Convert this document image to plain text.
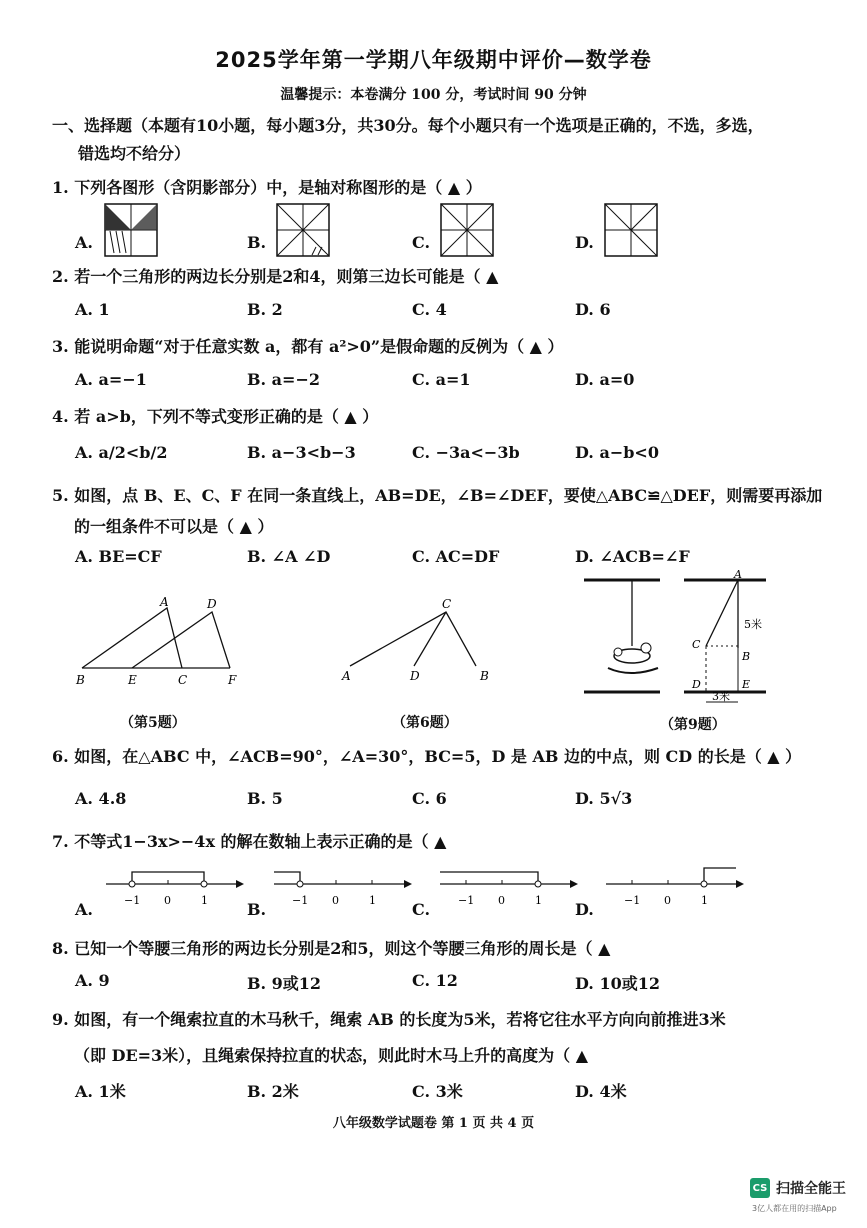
2025学年第一学期八年级期中评价—数学卷
温馨提示：本卷满分 100 分，考试时间 90 分钟
一、选择题（本题有10小题，每小题3分，共30分。每个小题只有一个选项是正确的，不选，多选，
错选均不给分）
1. 下列各图形（含阴影部分）中，是轴对称图形的是（ ▲ ）
A.	B.	C.	D.
2. 若一个三角形的两边长分别是2和4，则第三边长可能是（ ▲
A. 1	B. 2	C. 4	D. 6
3. 能说明命题“对于任意实数 a，都有 a²>0”是假命题的反例为（ ▲ ）
A. a=−1	B. a=−2	C. a=1	D. a=0
4. 若 a>b，下列不等式变形正确的是（ ▲ ）
A. a/2<b/2	B. a−3<b−3	C. −3a<−3b	D. a−b<0
5. 如图，点 B、E、C、F 在同一条直线上，AB=DE，∠B=∠DEF，要使△ABC≌△DEF，则需要再添加
的一组条件不可以是（ ▲ ）
A. BE=CF	B. ∠A ∠D	C. AC=DF	D. ∠ACB=∠F
A	D
B	E	C	F
（第5题）
C
A	D	B
（第6题）
A
5米
C
B
D	E
3米
（第9题）
6. 如图，在△ABC 中，∠ACB=90°，∠A=30°，BC=5，D 是 AB 边的中点，则 CD 的长是（ ▲ ）
A. 4.8	B. 5	C. 6	D. 5√3
7. 不等式1−3x>−4x 的解在数轴上表示正确的是（ ▲
A.	B.	C.	D.
−1 0	1	−1 0	1	−1 0	1	−1 0	1
8. 已知一个等腰三角形的两边长分别是2和5，则这个等腰三角形的周长是（ ▲
A. 9	B. 9或12	C. 12	D. 10或12
9. 如图，有一个绳索拉直的木马秋千，绳索 AB 的长度为5米，若将它往水平方向向前推进3米
（即 DE=3米），且绳索保持拉直的状态，则此时木马上升的高度为（ ▲
A. 1米	B. 2米	C. 3米	D. 4米
八年级数学试题卷 第 1 页 共 4 页
CS 扫描全能王
3亿人都在用的扫描App
